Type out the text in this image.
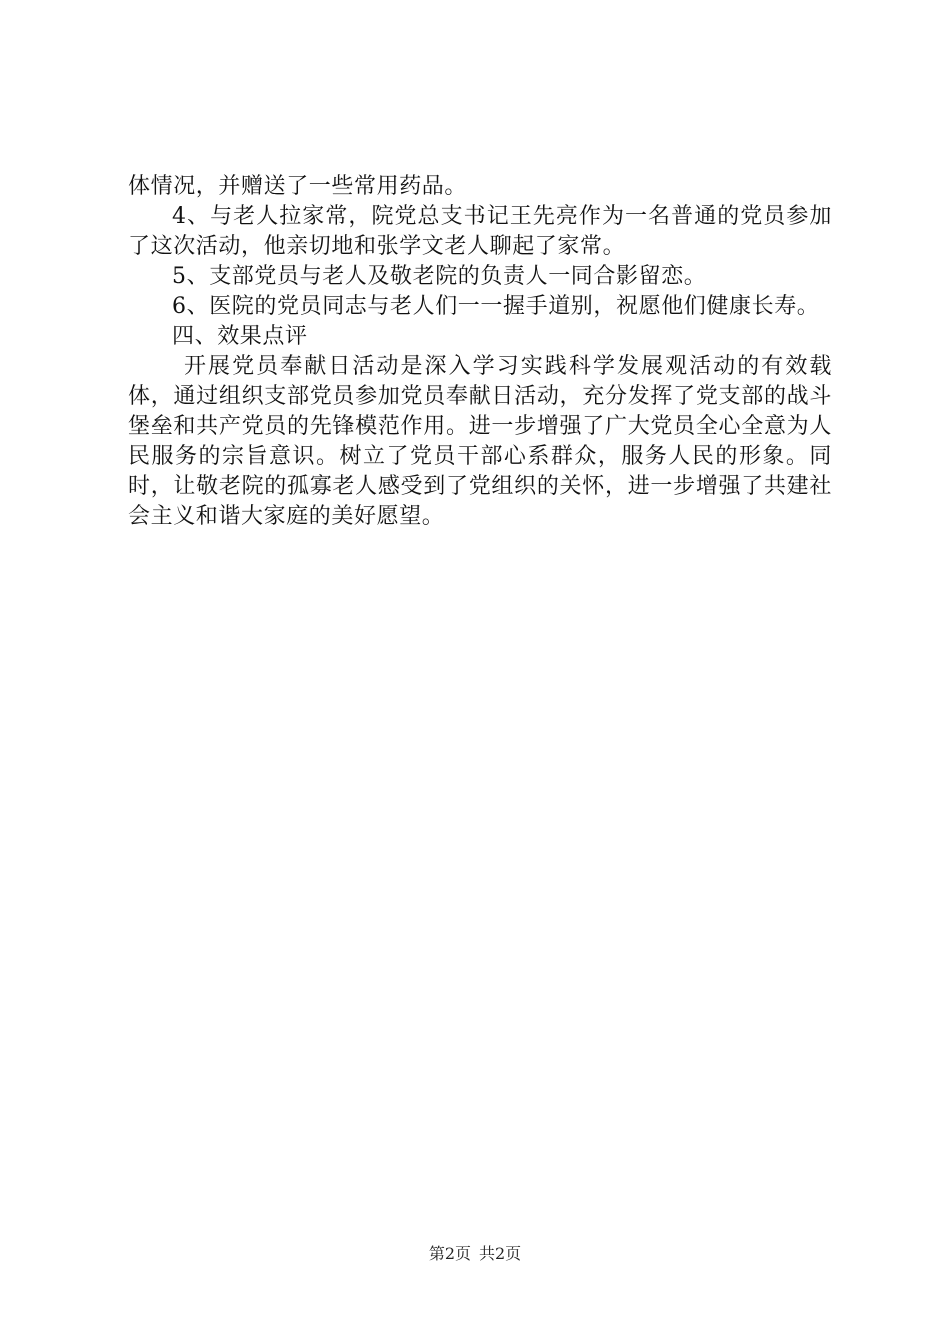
体情况，并赠送了一些常用药品。

4、与老人拉家常，院党总支书记王先亮作为一名普通的党员参加了这次活动，他亲切地和张学文老人聊起了家常。

5、支部党员与老人及敬老院的负责人一同合影留恋。

6、医院的党员同志与老人们一一握手道别，祝愿他们健康长寿。

四、效果点评

开展党员奉献日活动是深入学习实践科学发展观活动的有效载体，通过组织支部党员参加党员奉献日活动，充分发挥了党支部的战斗堡垒和共产党员的先锋模范作用。进一步增强了广大党员全心全意为人民服务的宗旨意识。树立了党员干部心系群众，服务人民的形象。同时，让敬老院的孤寡老人感受到了党组织的关怀，进一步增强了共建社会主义和谐大家庭的美好愿望。

第2页 共2页
